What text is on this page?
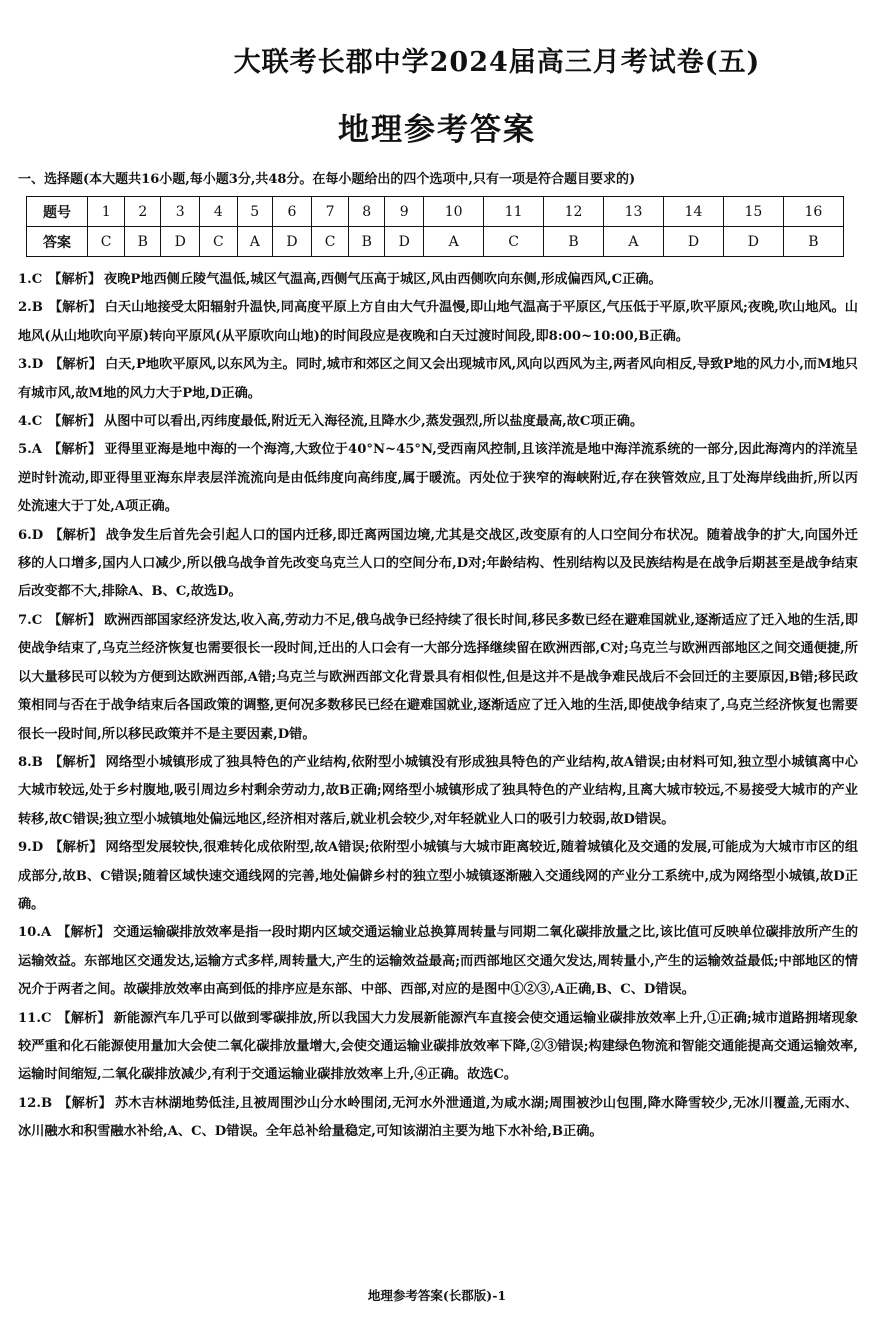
大联考长郡中学2024届高三月考试卷(五)
地理参考答案
一、选择题(本大题共16小题,每小题3分,共48分。在每小题给出的四个选项中,只有一项是符合题目要求的)
题号	1	2	3	4	5	6	7	8	9	10	11	12	13	14	15	16
答案	C	B	D	C	A	D	C	B	D	A	C	B	A	D	D	B

1.C 【解析】 夜晚P地西侧丘陵气温低,城区气温高,西侧气压高于城区,风由西侧吹向东侧,形成偏西风,C正确。

2.B 【解析】 白天山地接受太阳辐射升温快,同高度平原上方自由大气升温慢,即山地气温高于平原区,气压低于平原,吹平原风;夜晚,吹山地风。山地风(从山地吹向平原)转向平原风(从平原吹向山地)的时间段应是夜晚和白天过渡时间段,即8:00~10:00,B正确。

3.D 【解析】 白天,P地吹平原风,以东风为主。同时,城市和郊区之间又会出现城市风,风向以西风为主,两者风向相反,导致P地的风力小,而M地只有城市风,故M地的风力大于P地,D正确。

4.C 【解析】 从图中可以看出,丙纬度最低,附近无入海径流,且降水少,蒸发强烈,所以盐度最高,故C项正确。

5.A 【解析】 亚得里亚海是地中海的一个海湾,大致位于40°N~45°N,受西南风控制,且该洋流是地中海洋流系统的一部分,因此海湾内的洋流呈逆时针流动,即亚得里亚海东岸表层洋流流向是由低纬度向高纬度,属于暖流。丙处位于狭窄的海峡附近,存在狭管效应,且丁处海岸线曲折,所以丙处流速大于丁处,A项正确。

6.D 【解析】 战争发生后首先会引起人口的国内迁移,即迁离两国边境,尤其是交战区,改变原有的人口空间分布状况。随着战争的扩大,向国外迁移的人口增多,国内人口减少,所以俄乌战争首先改变乌克兰人口的空间分布,D对;年龄结构、性别结构以及民族结构是在战争后期甚至是战争结束后改变都不大,排除A、B、C,故选D。

7.C 【解析】 欧洲西部国家经济发达,收入高,劳动力不足,俄乌战争已经持续了很长时间,移民多数已经在避难国就业,逐渐适应了迁入地的生活,即使战争结束了,乌克兰经济恢复也需要很长一段时间,迁出的人口会有一大部分选择继续留在欧洲西部,C对;乌克兰与欧洲西部地区之间交通便捷,所以大量移民可以较为方便到达欧洲西部,A错;乌克兰与欧洲西部文化背景具有相似性,但是这并不是战争难民战后不会回迁的主要原因,B错;移民政策相同与否在于战争结束后各国政策的调整,更何况多数移民已经在避难国就业,逐渐适应了迁入地的生活,即使战争结束了,乌克兰经济恢复也需要很长一段时间,所以移民政策并不是主要因素,D错。

8.B 【解析】 网络型小城镇形成了独具特色的产业结构,依附型小城镇没有形成独具特色的产业结构,故A错误;由材料可知,独立型小城镇离中心大城市较远,处于乡村腹地,吸引周边乡村剩余劳动力,故B正确;网络型小城镇形成了独具特色的产业结构,且离大城市较远,不易接受大城市的产业转移,故C错误;独立型小城镇地处偏远地区,经济相对落后,就业机会较少,对年轻就业人口的吸引力较弱,故D错误。

9.D 【解析】 网络型发展较快,很难转化成依附型,故A错误;依附型小城镇与大城市距离较近,随着城镇化及交通的发展,可能成为大城市市区的组成部分,故B、C错误;随着区域快速交通线网的完善,地处偏僻乡村的独立型小城镇逐渐融入交通线网的产业分工系统中,成为网络型小城镇,故D正确。

10.A 【解析】 交通运输碳排放效率是指一段时期内区域交通运输业总换算周转量与同期二氧化碳排放量之比,该比值可反映单位碳排放所产生的运输效益。东部地区交通发达,运输方式多样,周转量大,产生的运输效益最高;而西部地区交通欠发达,周转量小,产生的运输效益最低;中部地区的情况介于两者之间。故碳排放效率由高到低的排序应是东部、中部、西部,对应的是图中①②③,A正确,B、C、D错误。

11.C 【解析】 新能源汽车几乎可以做到零碳排放,所以我国大力发展新能源汽车直接会使交通运输业碳排放效率上升,①正确;城市道路拥堵现象较严重和化石能源使用量加大会使二氧化碳排放量增大,会使交通运输业碳排放效率下降,②③错误;构建绿色物流和智能交通能提高交通运输效率,运输时间缩短,二氧化碳排放减少,有利于交通运输业碳排放效率上升,④正确。故选C。

12.B 【解析】 苏木吉林湖地势低洼,且被周围沙山分水岭围闭,无河水外泄通道,为咸水湖;周围被沙山包围,降水降雪较少,无冰川覆盖,无雨水、冰川融水和积雪融水补给,A、C、D错误。全年总补给量稳定,可知该湖泊主要为地下水补给,B正确。

地理参考答案(长郡版)-1
